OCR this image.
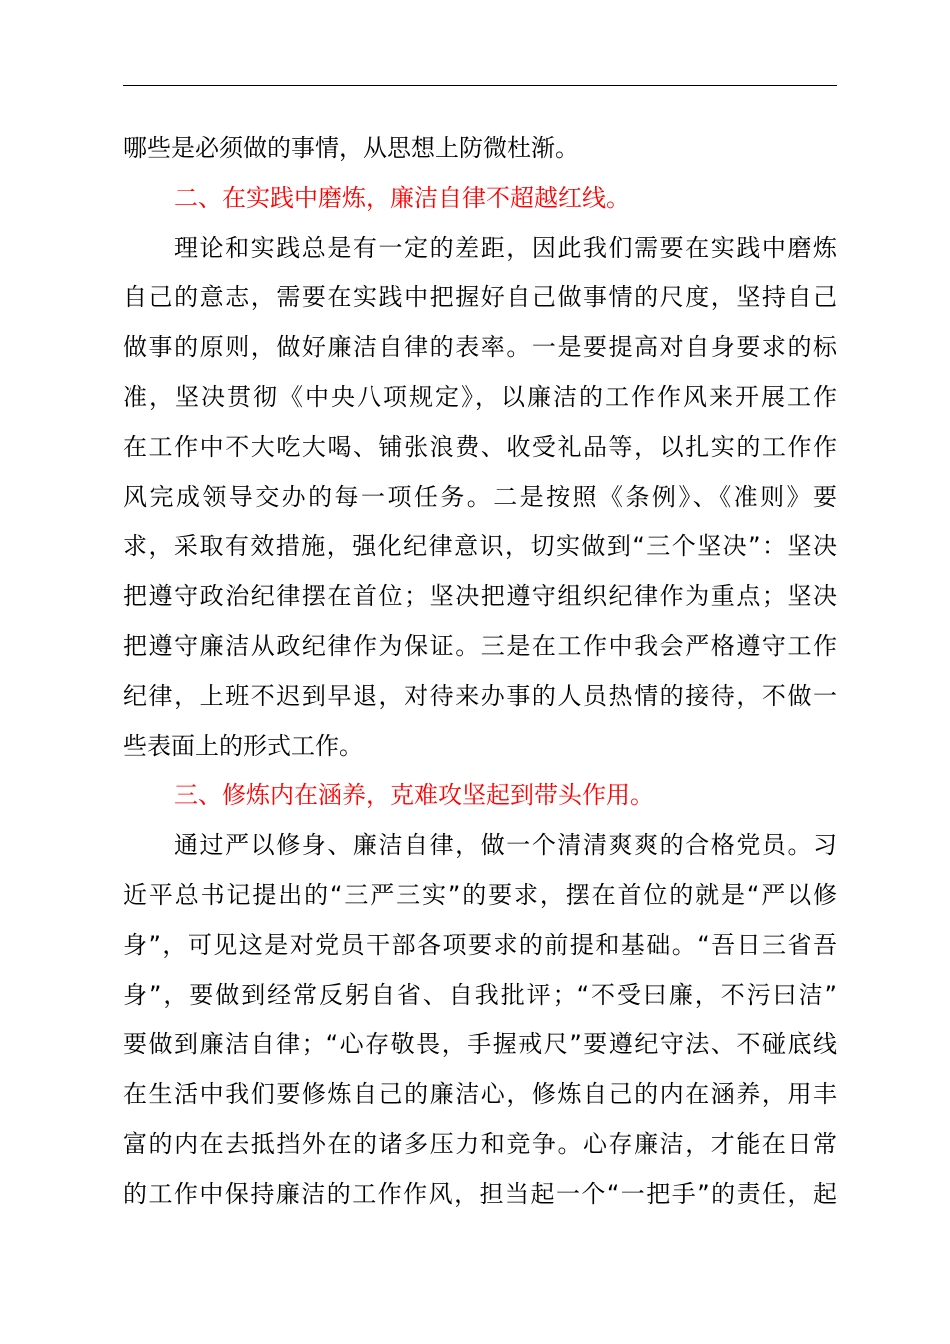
哪些是必须做的事情，从思想上防微杜渐。
二、在实践中磨炼，廉洁自律不超越红线。
理论和实践总是有一定的差距，因此我们需要在实践中磨炼
自己的意志，需要在实践中把握好自己做事情的尺度，坚持自己
做事的原则，做好廉洁自律的表率。一是要提高对自身要求的标
准，坚决贯彻《中央八项规定》，以廉洁的工作作风来开展工作
在工作中不大吃大喝、铺张浪费、收受礼品等，以扎实的工作作
风完成领导交办的每一项任务。二是按照《条例》、《准则》要
求，采取有效措施，强化纪律意识，切实做到“三个坚决”：坚决
把遵守政治纪律摆在首位；坚决把遵守组织纪律作为重点；坚决
把遵守廉洁从政纪律作为保证。三是在工作中我会严格遵守工作
纪律，上班不迟到早退，对待来办事的人员热情的接待，不做一
些表面上的形式工作。
三、修炼内在涵养，克难攻坚起到带头作用。
通过严以修身、廉洁自律，做一个清清爽爽的合格党员。习
近平总书记提出的“三严三实”的要求，摆在首位的就是“严以修
身”，可见这是对党员干部各项要求的前提和基础。“吾日三省吾
身”，要做到经常反躬自省、自我批评；“不受曰廉，不污曰洁”
要做到廉洁自律；“心存敬畏，手握戒尺”要遵纪守法、不碰底线
在生活中我们要修炼自己的廉洁心，修炼自己的内在涵养，用丰
富的内在去抵挡外在的诸多压力和竞争。心存廉洁，才能在日常
的工作中保持廉洁的工作作风，担当起一个“一把手”的责任，起
